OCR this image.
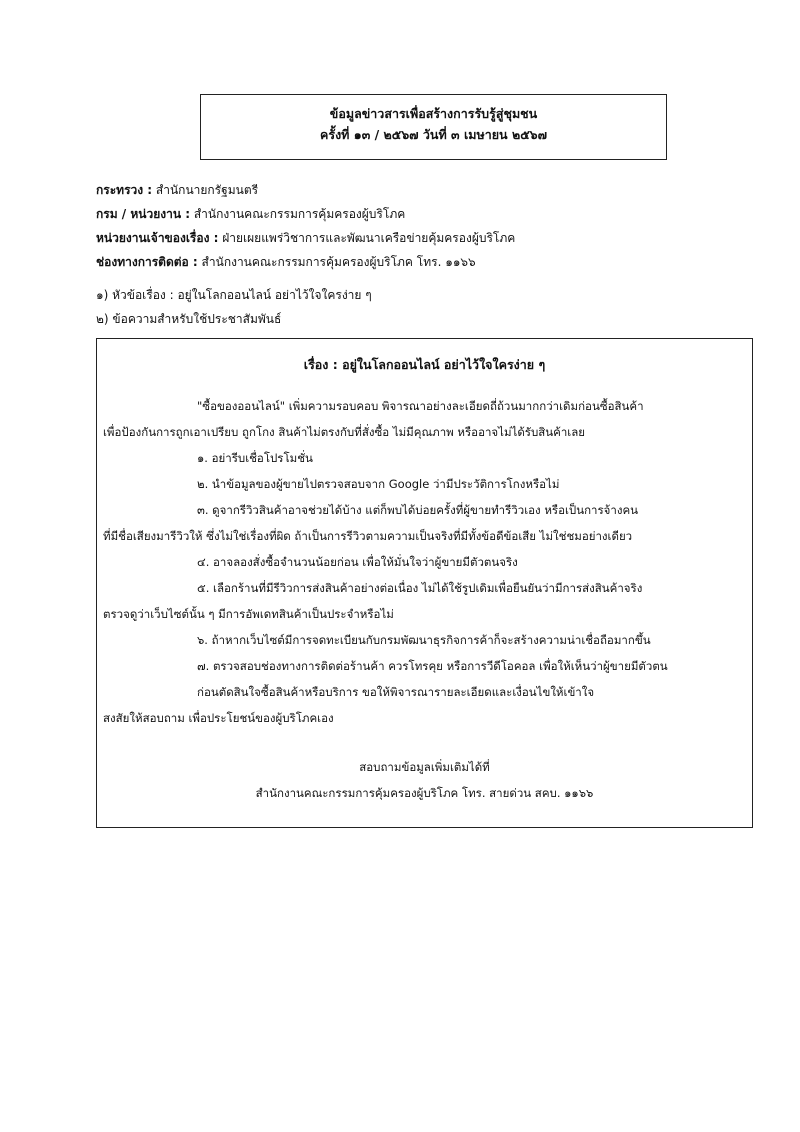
ข้อมูลข่าวสารเพื่อสร้างการรับรู้สู่ชุมชน
ครั้งที่ ๑๓ / ๒๕๖๗ วันที่ ๓ เมษายน ๒๕๖๗
กระทรวง : สำนักนายกรัฐมนตรี
กรม / หน่วยงาน : สำนักงานคณะกรรมการคุ้มครองผู้บริโภค
หน่วยงานเจ้าของเรื่อง : ฝ่ายเผยแพร่วิชาการและพัฒนาเครือข่ายคุ้มครองผู้บริโภค
ช่องทางการติดต่อ : สำนักงานคณะกรรมการคุ้มครองผู้บริโภค โทร. ๑๑๖๖
๑) หัวข้อเรื่อง : อยู่ในโลกออนไลน์ อย่าไว้ใจใครง่าย ๆ
๒) ข้อความสำหรับใช้ประชาสัมพันธ์
เรื่อง : อยู่ในโลกออนไลน์ อย่าไว้ใจใครง่าย ๆ
"ซื้อของออนไลน์" เพิ่มความรอบคอบ พิจารณาอย่างละเอียดถี่ถ้วนมากกว่าเดิมก่อนซื้อสินค้า
เพื่อป้องกันการถูกเอาเปรียบ ถูกโกง สินค้าไม่ตรงกับที่สั่งซื้อ ไม่มีคุณภาพ หรืออาจไม่ได้รับสินค้าเลย
๑. อย่ารีบเชื่อโปรโมชั่น
๒. นำข้อมูลของผู้ขายไปตรวจสอบจาก Google ว่ามีประวัติการโกงหรือไม่
๓. ดูจากรีวิวสินค้าอาจช่วยได้บ้าง แต่ก็พบได้บ่อยครั้งที่ผู้ขายทำรีวิวเอง หรือเป็นการจ้างคน
ที่มีชื่อเสียงมารีวิวให้ ซึ่งไม่ใช่เรื่องที่ผิด ถ้าเป็นการรีวิวตามความเป็นจริงที่มีทั้งข้อดีข้อเสีย ไม่ใช่ชมอย่างเดียว
๔. อาจลองสั่งซื้อจำนวนน้อยก่อน เพื่อให้มั่นใจว่าผู้ขายมีตัวตนจริง
๕. เลือกร้านที่มีรีวิวการส่งสินค้าอย่างต่อเนื่อง ไม่ได้ใช้รูปเดิมเพื่อยืนยันว่ามีการส่งสินค้าจริง
ตรวจดูว่าเว็บไซต์นั้น ๆ มีการอัพเดทสินค้าเป็นประจำหรือไม่
๖. ถ้าหากเว็บไซต์มีการจดทะเบียนกับกรมพัฒนาธุรกิจการค้าก็จะสร้างความน่าเชื่อถือมากขึ้น
๗. ตรวจสอบช่องทางการติดต่อร้านค้า ควรโทรคุย หรือการวีดีโอคอล เพื่อให้เห็นว่าผู้ขายมีตัวตน
ก่อนตัดสินใจซื้อสินค้าหรือบริการ ขอให้พิจารณารายละเอียดและเงื่อนไขให้เข้าใจ
สงสัยให้สอบถาม เพื่อประโยชน์ของผู้บริโภคเอง
สอบถามข้อมูลเพิ่มเติมได้ที่
สำนักงานคณะกรรมการคุ้มครองผู้บริโภค โทร. สายด่วน สคบ. ๑๑๖๖
